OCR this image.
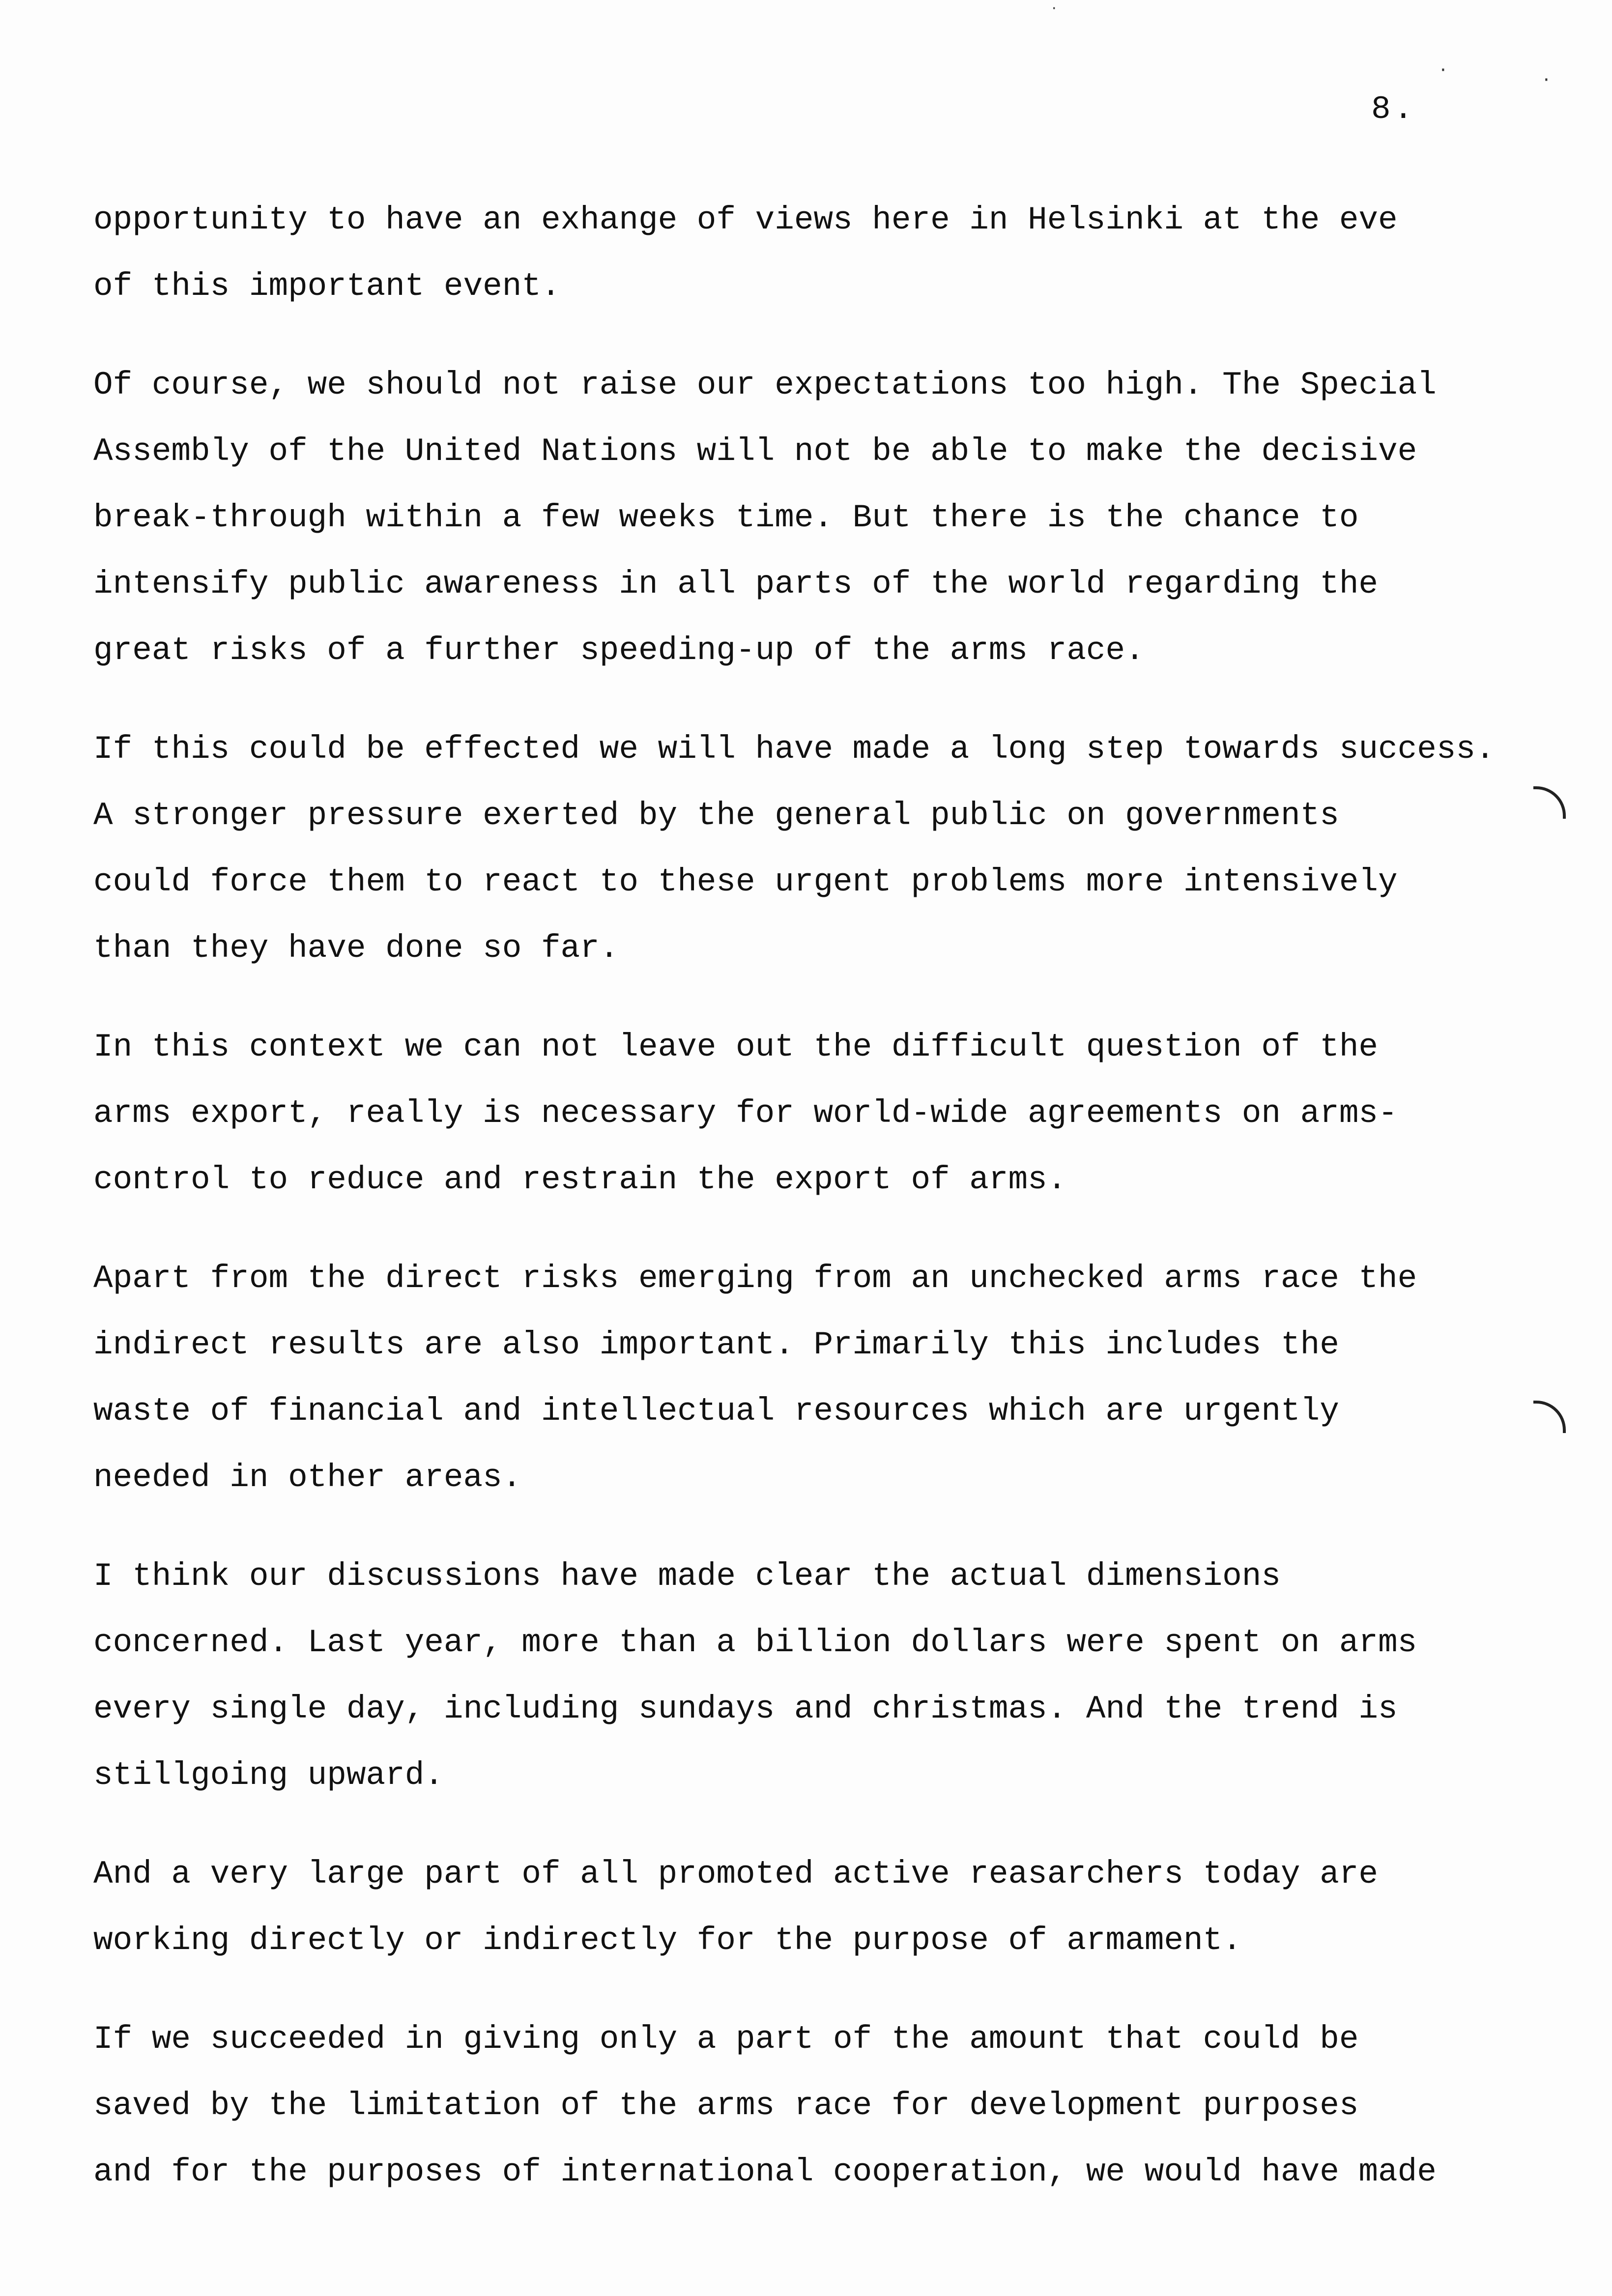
8.
·	·
·
opportunity to have an exhange of views here in Helsinki at the eve
of this important event.
Of course, we should not raise our expectations too high. The Special
Assembly of the United Nations will not be able to make the decisive
break-through within a few weeks time. But there is the chance to
intensify public awareness in all parts of the world regarding the
great risks of a further speeding-up of the arms race.
If this could be effected we will have made a long step towards success.
A stronger pressure exerted by the general public on governments
could force them to react to these urgent problems more intensively
than they have done so far.
In this context we can not leave out the difficult question of the
arms export, really is necessary for world-wide agreements on arms-
control to reduce and restrain the export of arms.
Apart from the direct risks emerging from an unchecked arms race the
indirect results are also important. Primarily this includes the
waste of financial and intellectual resources which are urgently
needed in other areas.
I think our discussions have made clear the actual dimensions
concerned. Last year, more than a billion dollars were spent on arms
every single day, including sundays and christmas. And the trend is
stillgoing upward.
And a very large part of all promoted active reasarchers today are
working directly or indirectly for the purpose of armament.
If we succeeded in giving only a part of the amount that could be
saved by the limitation of the arms race for development purposes
and for the purposes of international cooperation, we would have made
